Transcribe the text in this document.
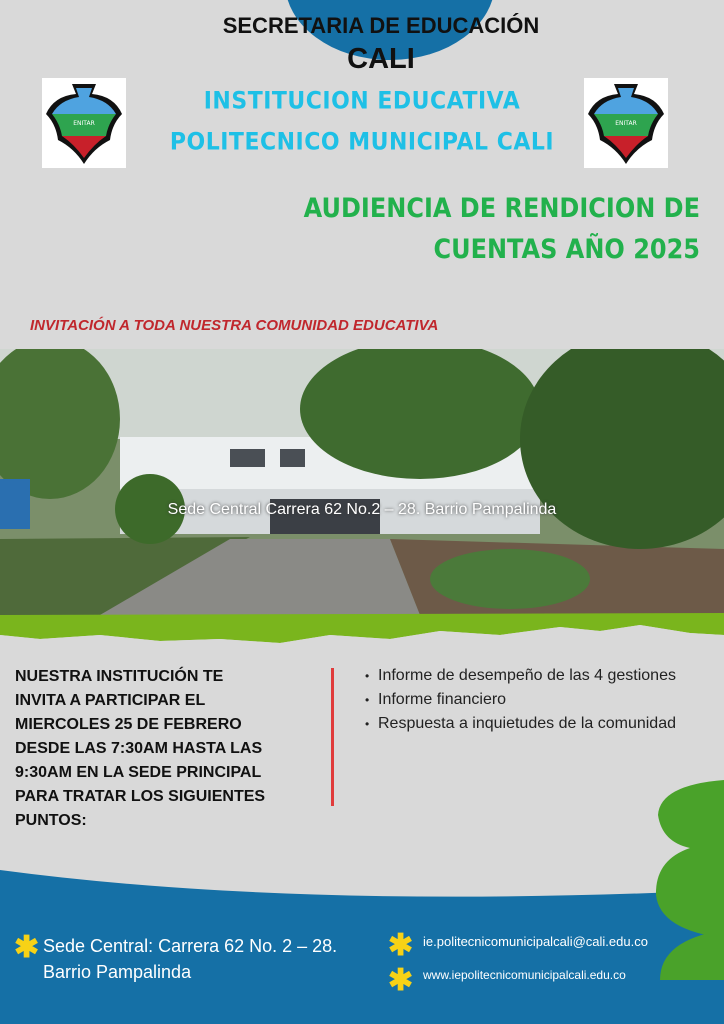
SECRETARIA DE EDUCACIÓN
CALI
ENITAR	ENITAR
INSTITUCION EDUCATIVA
POLITECNICO MUNICIPAL CALI
AUDIENCIA DE RENDICION DE
CUENTAS AÑO 2025
INVITACIÓN A TODA NUESTRA COMUNIDAD EDUCATIVA
Sede Central Carrera 62 No.2 – 28. Barrio Pampalinda
NUESTRA INSTITUCIÓN TE
INVITA A PARTICIPAR EL
MIERCOLES 25 DE FEBRERO
DESDE LAS 7:30AM HASTA LAS
9:30AM EN LA SEDE PRINCIPAL
PARA TRATAR LOS SIGUIENTES
PUNTOS:
• Informe de desempeño de las 4 gestiones
• Informe financiero
• Respuesta a inquietudes de la comunidad
✱ Sede Central: Carrera 62 No. 2 – 28.
Barrio Pampalinda
✱ ie.politecnicomunicipalcali@cali.edu.co
✱ www.iepolitecnicomunicipalcali.edu.co
